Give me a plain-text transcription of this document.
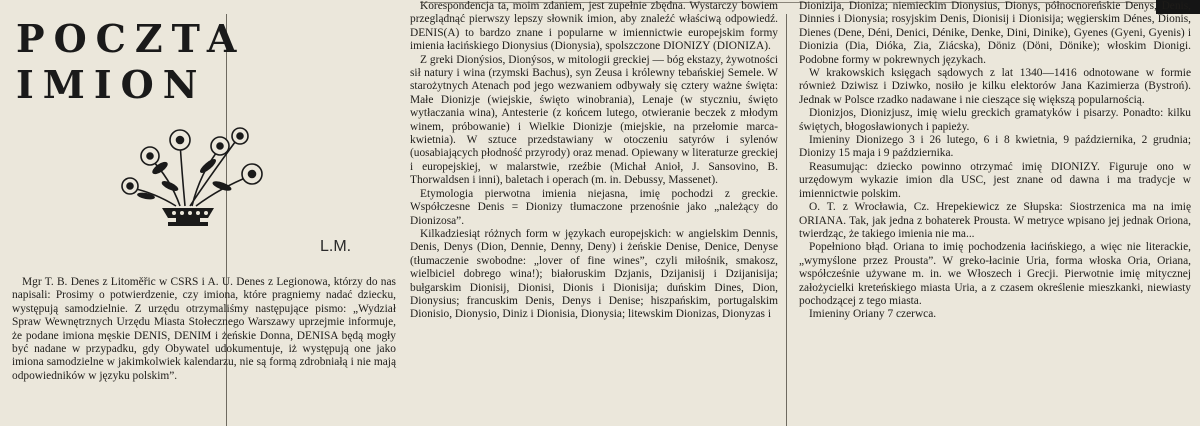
POCZTA
IMION
L.M.

Mgr T. B. Denes z Litoměřic w CSRS i A. U. Denes z Legionowa, którzy do nas napisali: Prosimy o potwierdzenie, czy imiona, które pragniemy nadać dziecku, występują samodzielnie. Z urzędu otrzymaliśmy następujące pismo: „Wydział Spraw Wewnętrznych Urzędu Miasta Stołecznego Warszawy uprzejmie informuje, że podane imiona męskie DENIS, DENIM i żeńskie Donna, DENISA będą mogły być nadane w przypadku, gdy Obywatel udokumentuje, iż występują one jako imiona samodzielne w jakimkolwiek kalendarzu, nie są formą zdrobniałą i nie mają odpowiedników w języku polskim”.

Korespondencja ta, moim zdaniem, jest zupełnie zbędna. Wystarczy bowiem przeglądnąć pierwszy lepszy słownik imion, aby znaleźć właściwą odpowiedź. DENIS(A) to bardzo znane i popularne w imiennictwie europejskim formy imienia łacińskiego Dionysius (Dionysia), spolszczone DIONIZY (DIONIZA).

Z greki Dionýsios, Dionýsos, w mitologii greckiej — bóg ekstazy, żywotności sił natury i wina (rzymski Bachus), syn Zeusa i królewny tebańskiej Semele. W starożytnych Atenach pod jego wezwaniem odbywały się cztery ważne święta: Małe Dionizje (wiejskie, święto winobrania), Lenaje (w styczniu, święto wytłaczania wina), Antesterie (z końcem lutego, otwieranie beczek z młodym winem, próbowanie) i Wielkie Dionizje (miejskie, na przełomie marca-kwietnia). W sztuce przedstawiany w otoczeniu satyrów i sylenów (uosabiających płodność przyrody) oraz menad. Opiewany w literaturze greckiej i europejskiej, w malarstwie, rzeźbie (Michał Anioł, J. Sansovino, B. Thorwaldsen i inni), baletach i operach (m. in. Debussy, Massenet).

Etymologia pierwotna imienia niejasna, imię pochodzi z greckie. Współczesne Denis = Dionizy tłumaczone przenośnie jako „należący do Dionizosa”.

Kilkadziesiąt różnych form w językach europejskich: w angielskim Dennis, Denis, Denys (Dion, Dennie, Denny, Deny) i żeńskie Denise, Denice, Denyse (tłumaczenie swobodne: „lover of fine wines”, czyli miłośnik, smakosz, wielbiciel dobrego wina!); białoruskim Dzjanis, Dzijanisij i Dzijanisija; bułgarskim Dionisij, Dionisi, Dionis i Dionisija; duńskim Dines, Dion, Dionysius; francuskim Denis, Denys i Denise; hiszpańskim, portugalskim Dionisio, Dionysio, Diniz i Dionisia, Dionysia; litewskim Dionizas, Dionyzas i

Dionizija, Dioniza; niemieckim Dionysius, Dionys, północnoreńskie Denys, Denis, Dinnies i Dionysia; rosyjskim Denis, Dionisij i Dionisija; węgierskim Dénes, Dionis, Dienes (Dene, Déni, Denici, Dénike, Denke, Dini, Dinike), Gyenes (Gyeni, Gyenis) i Dionizia (Dia, Dióka, Zia, Ziácska), Döniz (Döni, Dönike); włoskim Dionigi. Podobne formy w pokrewnych językach.

W krakowskich księgach sądowych z lat 1340—1416 odnotowane w formie również Dziwisz i Dziwko, nosiło je kilku elektorów Jana Kazimierza (Bystroń). Jednak w Polsce rzadko nadawane i nie cieszące się większą popularnością.

Dionizjos, Dionizjusz, imię wielu greckich gramatyków i pisarzy. Ponadto: kilku świętych, błogosławionych i papieży.

Imieniny Dionizego 3 i 26 lutego, 6 i 8 kwietnia, 9 października, 2 grudnia; Dionizy 15 maja i 9 października.

Reasumując: dziecko powinno otrzymać imię DIONIZY. Figuruje ono w urzędowym wykazie imion dla USC, jest znane od dawna i ma tradycje w imiennictwie polskim.

O. T. z Wrocławia, Cz. Hrepekiewicz ze Słupska: Siostrzenica ma na imię ORIANA. Tak, jak jedna z bohaterek Prousta. W metryce wpisano jej jednak Oriona, twierdząc, że takiego imienia nie ma...

Popełniono błąd. Oriana to imię pochodzenia łacińskiego, a więc nie literackie, „wymyślone przez Prousta”. W greko-łacinie Uria, forma włoska Oria, Oriana, współcześnie używane m. in. we Włoszech i Grecji. Pierwotnie imię mitycznej założycielki kreteńskiego miasta Uria, a z czasem określenie mieszkanki, niewiasty pochodzącej z tego miasta.

Imieniny Oriany 7 czerwca.
